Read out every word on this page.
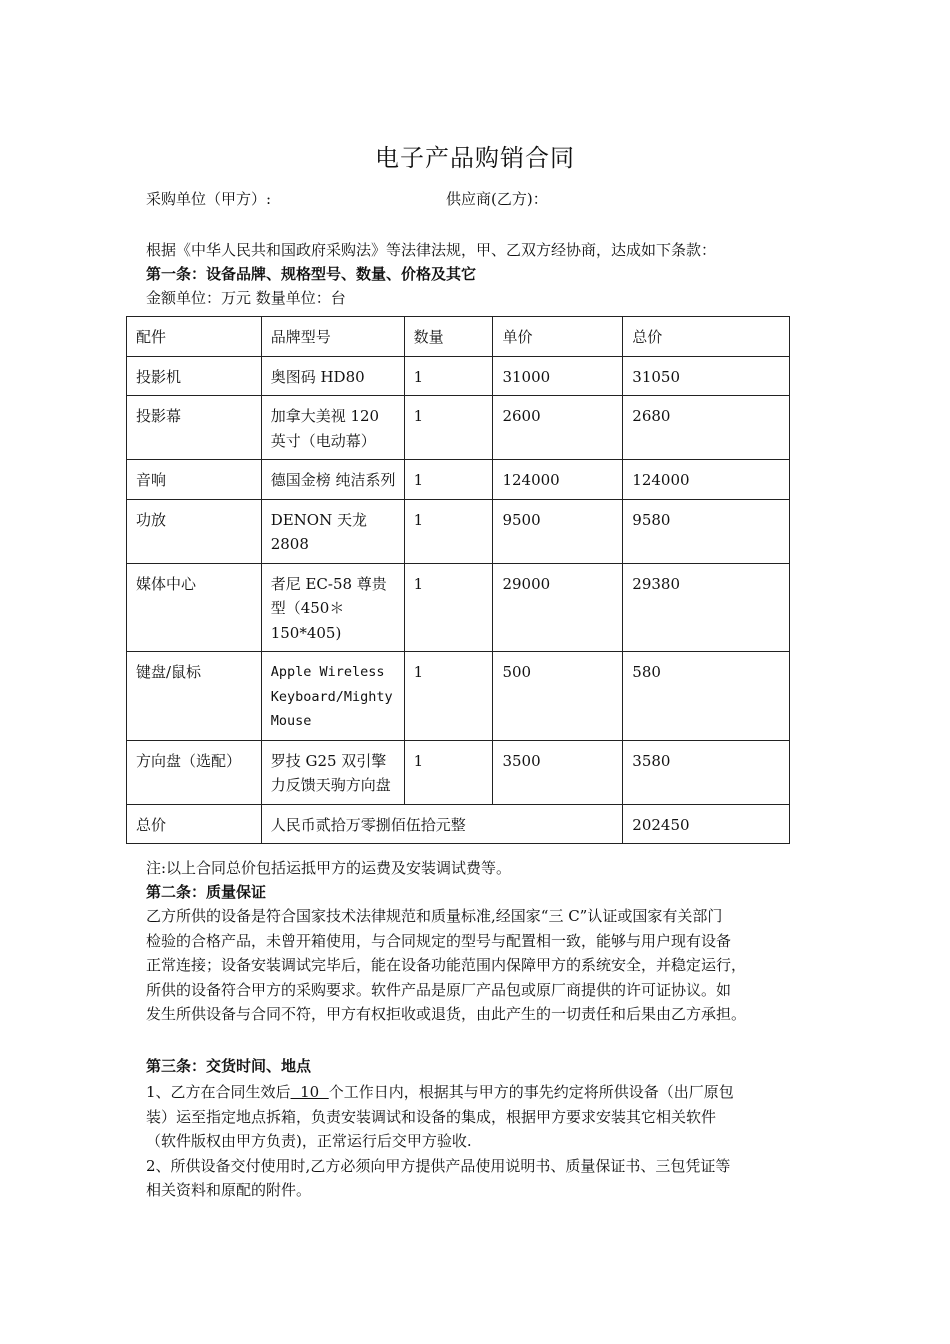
电子产品购销合同
采购单位（甲方）:	供应商(乙方)：
根据《中华人民共和国政府采购法》等法律法规，甲、乙双方经协商，达成如下条款：
第一条：设备品牌、规格型号、数量、价格及其它
金额单位：万元 数量单位：台
配件	品牌型号	数量	单价	总价
投影机	奥图码 HD80	1	31000	31050
投影幕	加拿大美视 120 英寸（电动幕）	1	2600	2680
音响	德国金榜 纯洁系列	1	124000	124000
功放	DENON 天龙 2808	1	9500	9580
媒体中心	者尼 EC-58 尊贵型（450＊150*405)	1	29000	29380
键盘/鼠标	Apple Wireless Keyboard/Mighty Mouse	1	500	580
方向盘（选配）	罗技 G25 双引擎力反馈天驹方向盘	1	3500	3580
总价	人民币贰拾万零捌佰伍拾元整			202450
注:以上合同总价包括运抵甲方的运费及安装调试费等。
第二条：质量保证

乙方所供的设备是符合国家技术法律规范和质量标准,经国家“三 C”认证或国家有关部门

检验的合格产品，未曾开箱使用，与合同规定的型号与配置相一致，能够与用户现有设备

正常连接；设备安装调试完毕后，能在设备功能范围内保障甲方的系统安全，并稳定运行，

所供的设备符合甲方的采购要求。软件产品是原厂产品包或原厂商提供的许可证协议。如

发生所供设备与合同不符，甲方有权拒收或退货，由此产生的一切责任和后果由乙方承担。

第三条：交货时间、地点

1、乙方在合同生效后  10  个工作日内，根据其与甲方的事先约定将所供设备（出厂原包

装）运至指定地点拆箱，负责安装调试和设备的集成，根据甲方要求安装其它相关软件

（软件版权由甲方负责)，正常运行后交甲方验收.

2、所供设备交付使用时,乙方必须向甲方提供产品使用说明书、质量保证书、三包凭证等

相关资料和原配的附件。
